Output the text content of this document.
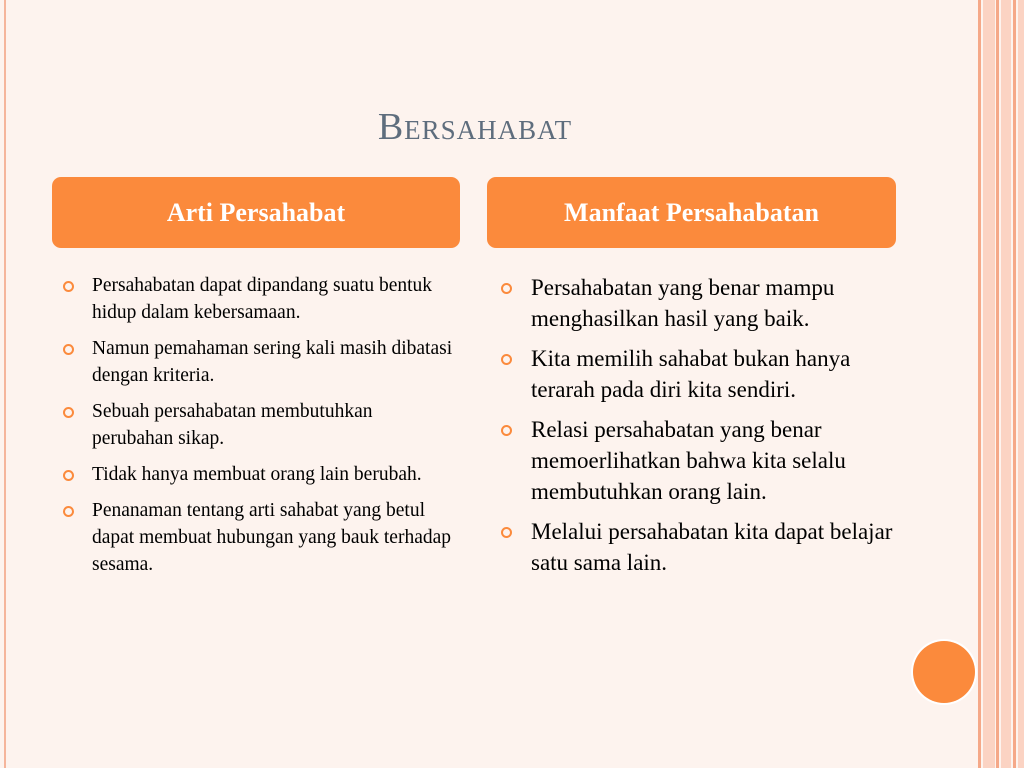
Bersahabat
Arti Persahabat	Manfaat Persahabatan
Persahabatan dapat dipandang suatu bentuk hidup dalam kebersamaan.
Namun pemahaman sering kali masih dibatasi dengan kriteria.
Sebuah persahabatan membutuhkan perubahan sikap.
Tidak hanya membuat orang lain berubah.
Penanaman tentang arti sahabat yang betul dapat membuat hubungan yang bauk terhadap sesama.
Persahabatan yang benar mampu menghasilkan hasil yang baik.
Kita memilih sahabat bukan hanya terarah pada diri kita sendiri.
Relasi persahabatan yang benar memoerlihatkan bahwa kita selalu membutuhkan orang lain.
Melalui persahabatan kita dapat belajar satu sama lain.
